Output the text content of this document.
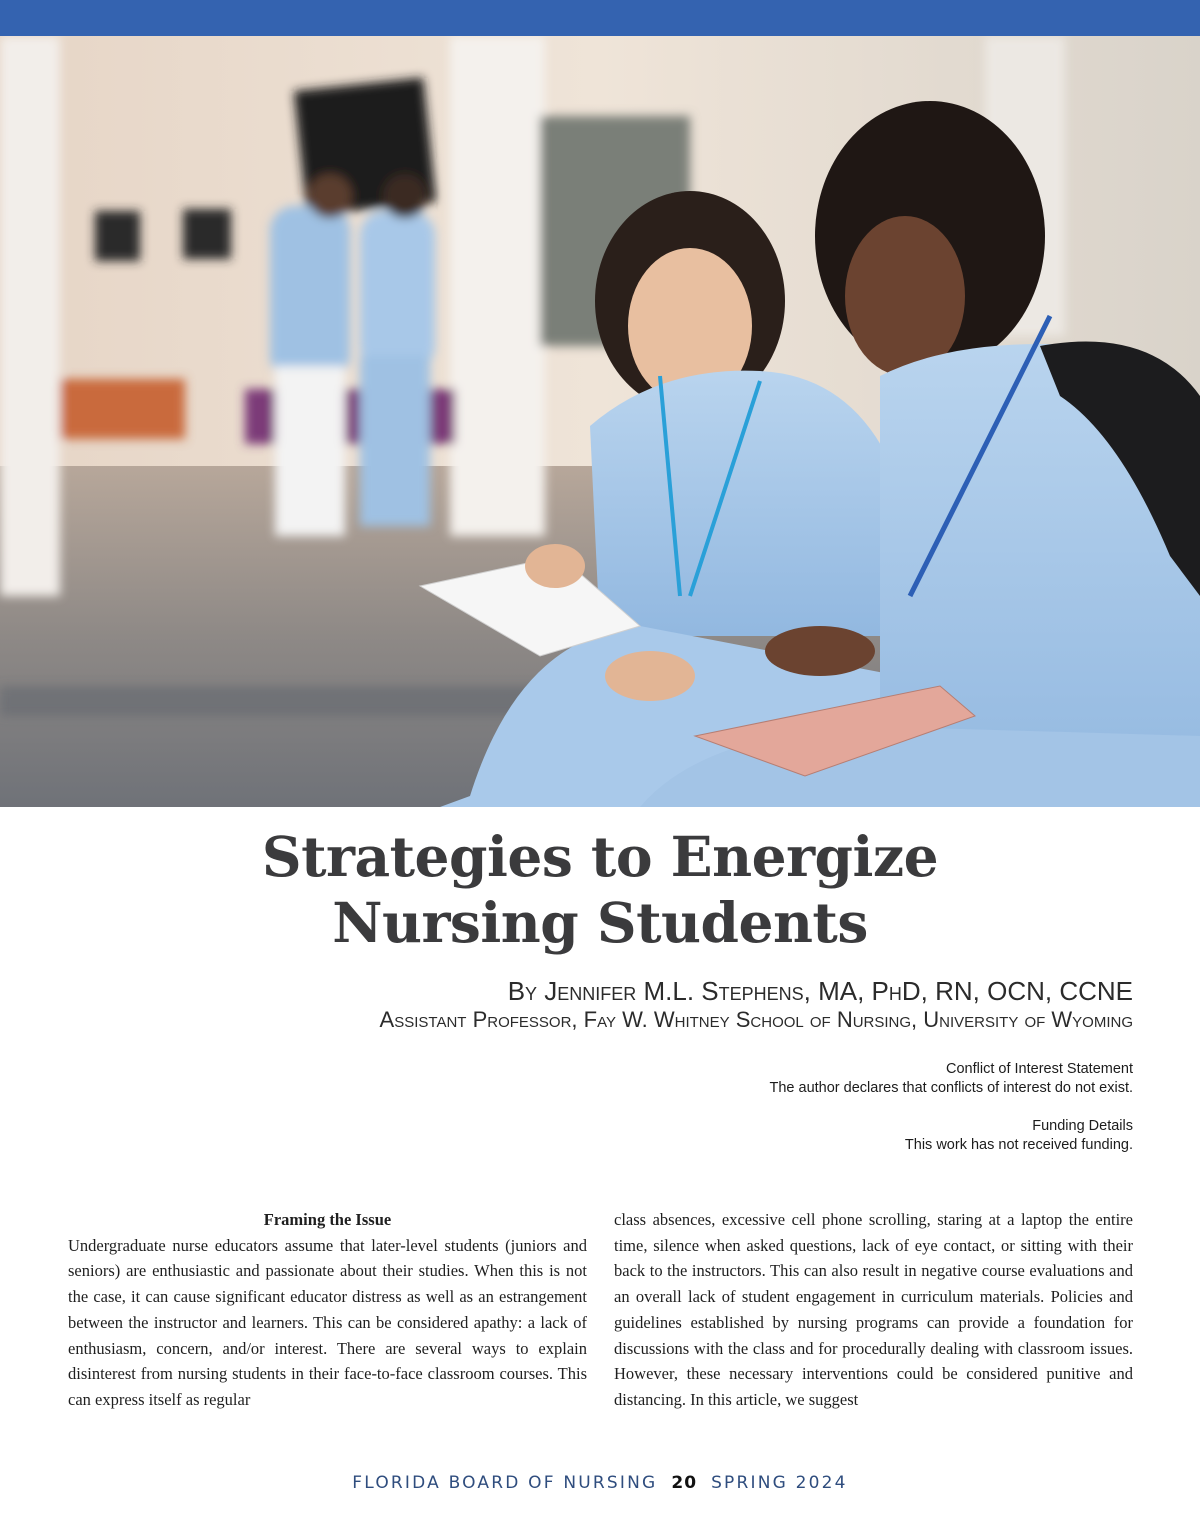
Strategies to Energize
Nursing Students
By Jennifer M.L. Stephens, MA, PhD, RN, OCN, CCNE
Assistant Professor, Fay W. Whitney School of Nursing, University of Wyoming
Conflict of Interest Statement
The author declares that conflicts of interest do not exist.
Funding Details
This work has not received funding.
Framing the Issue

Undergraduate nurse educators assume that later-level students (juniors and seniors) are enthusiastic and passionate about their studies. When this is not the case, it can cause significant educator distress as well as an estrangement between the instructor and learners. This can be considered apathy: a lack of enthusiasm, concern, and/or interest. There are several ways to explain disinterest from nursing students in their face-to-face classroom courses. This can express itself as regular

class absences, excessive cell phone scrolling, staring at a laptop the entire time, silence when asked questions, lack of eye contact, or sitting with their back to the instructors. This can also result in negative course evaluations and an overall lack of student engagement in curriculum materials. Policies and guidelines established by nursing programs can provide a foundation for discussions with the class and for procedurally dealing with classroom issues. However, these necessary interventions could be considered punitive and distancing. In this article, we suggest

FLORIDA BOARD OF NURSING 20 SPRING 2024
